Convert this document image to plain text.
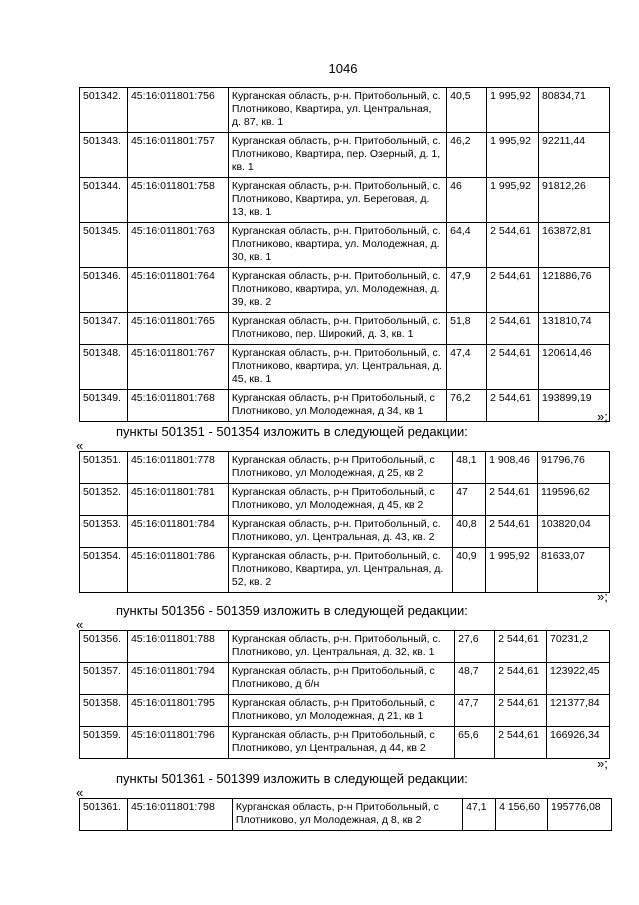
1046
501342.	45:16:011801:756	Курганская область, р-н. Притобольный, с. Плотниково, Квартира, ул. Центральная, д. 87, кв. 1	40,5	1 995,92	80834,71
501343.	45:16:011801:757	Курганская область, р-н. Притобольный, с. Плотниково, Квартира, пер. Озерный, д. 1, кв. 1	46,2	1 995,92	92211,44
501344.	45:16:011801:758	Курганская область, р-н. Притобольный, с. Плотниково, Квартира, ул. Береговая, д. 13, кв. 1	46	1 995,92	91812,26
501345.	45:16:011801:763	Курганская область, р-н. Притобольный, с. Плотниково, квартира, ул. Молодежная, д. 30, кв. 1	64,4	2 544,61	163872,81
501346.	45:16:011801:764	Курганская область, р-н. Притобольный, с. Плотниково, квартира, ул. Молодежная, д. 39, кв. 2	47,9	2 544,61	121886,76
501347.	45:16:011801:765	Курганская область, р-н. Притобольный, с. Плотниково, пер. Широкий, д. 3, кв. 1	51,8	2 544,61	131810,74
501348.	45:16:011801:767	Курганская область, р-н. Притобольный, с. Плотниково, квартира, ул. Центральная, д. 45, кв. 1	47,4	2 544,61	120614,46
501349.	45:16:011801:768	Курганская область, р-н Притобольный, с Плотниково, ул Молодежная, д 34, кв 1	76,2	2 544,61	193899,19
»;
пункты 501351 - 501354 изложить в следующей редакции:
«
501351.	45:16:011801:778	Курганская область, р-н Притобольный, с Плотниково, ул Молодежная, д 25, кв 2	48,1	1 908,46	91796,76
501352.	45:16:011801:781	Курганская область, р-н Притобольный, с Плотниково, ул Молодежная, д 45, кв 2	47	2 544,61	119596,62
501353.	45:16:011801:784	Курганская область, р-н. Притобольный, с. Плотниково, ул. Центральная, д. 43, кв. 2	40,8	2 544,61	103820,04
501354.	45:16:011801:786	Курганская область, р-н. Притобольный, с. Плотниково, Квартира, ул. Центральная, д. 52, кв. 2	40,9	1 995,92	81633,07
»;
пункты 501356 - 501359 изложить в следующей редакции:
«
501356.	45:16:011801:788	Курганская область, р-н. Притобольный, с. Плотниково, ул. Центральная, д. 32, кв. 1	27,6	2 544,61	70231,2
501357.	45:16:011801:794	Курганская область, р-н Притобольный, с Плотниково, д б/н	48,7	2 544,61	123922,45
501358.	45:16:011801:795	Курганская область, р-н Притобольный, с Плотниково, ул Молодежная, д 21, кв 1	47,7	2 544,61	121377,84
501359.	45:16:011801:796	Курганская область, р-н Притобольный, с Плотниково, ул Центральная, д 44, кв 2	65,6	2 544,61	166926,34
»;
пункты 501361 - 501399 изложить в следующей редакции:
«
501361.	45:16:011801:798	Курганская область, р-н Притобольный, с Плотниково, ул Молодежная, д 8, кв 2	47,1	4 156,60	195776,08
